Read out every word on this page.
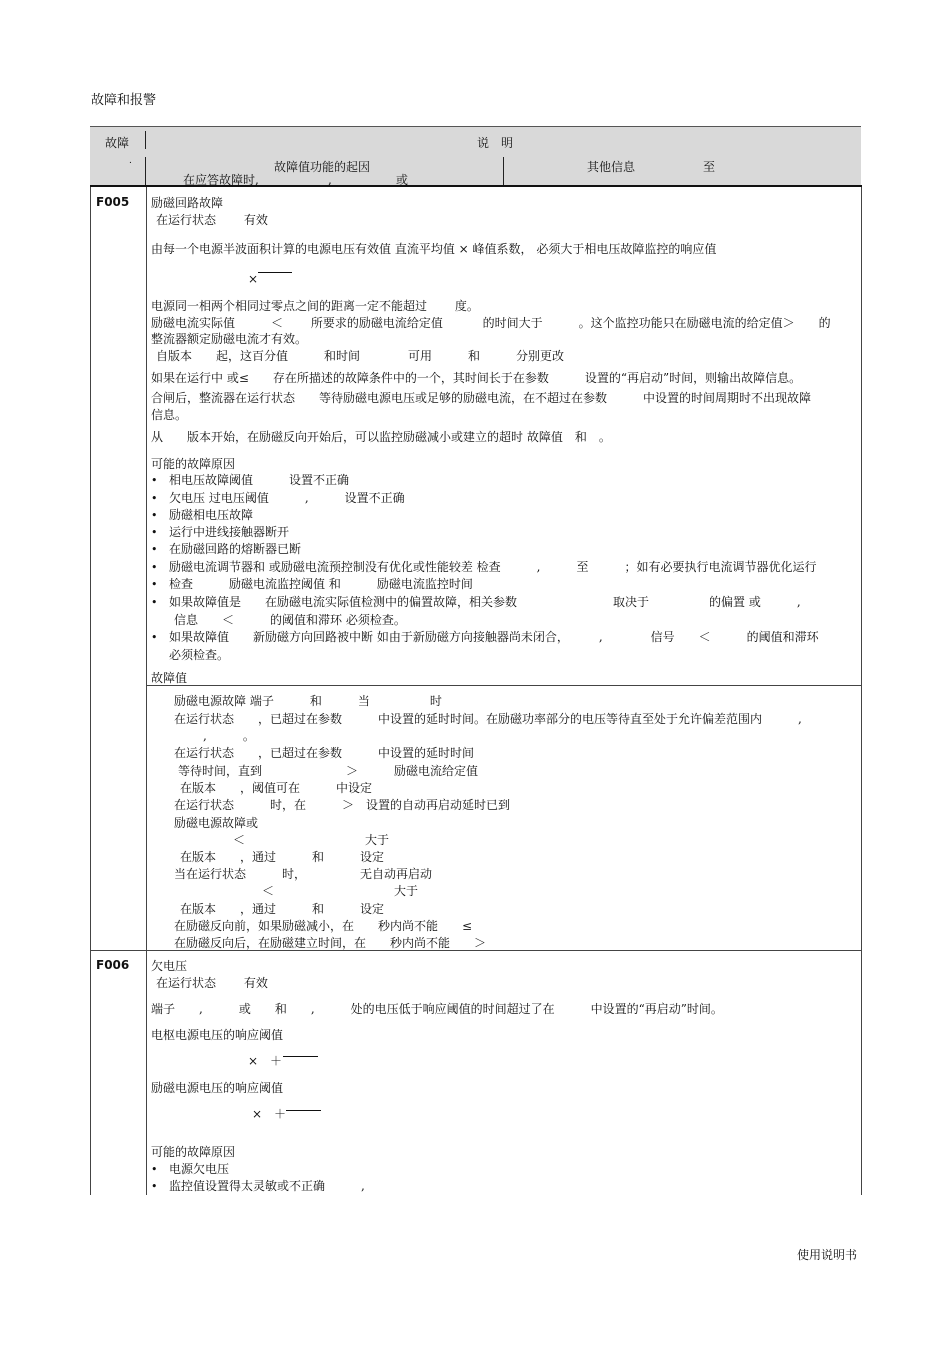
故障和报警
使用说明书
故障
.
说　明
故障值功能的起因	其他信息	至
在应答故障时,	,	或
F005 励磁回路故障
在运行状态　　 有效
由每一个电源半波面积计算的电源电压有效值 直流平均值 × 峰值系数， 必须大于相电压故障监控的响应值
×
电源同一相两个相同过零点之间的距离一定不能超过　　 度。
励磁电流实际值　　　＜　　 所要求的励磁电流给定值　　　 的时间大于　　　。这个监控功能只在励磁电流的给定值＞　　的
整流器额定励磁电流才有效。
自版本　　起，这百分值　　　和时间　　　　可用　　　和　　　分别更改
如果在运行中 或≤　　存在所描述的故障条件中的一个，其时间长于在参数　　　设置的“再启动”时间，则输出故障信息。
合闸后，整流器在运行状态　　等待励磁电源电压或足够的励磁电流，在不超过在参数　　　中设置的时间周期时不出现故障
信息。
从　　版本开始，在励磁反向开始后，可以监控励磁减小或建立的超时 故障值　和　。
可能的故障原因
• 相电压故障阈值　　　设置不正确
• 欠电压 过电压阈值　　　,　　　设置不正确
• 励磁相电压故障
• 运行中进线接触器断开
• 在励磁回路的熔断器已断
• 励磁电流调节器和 或励磁电流预控制没有优化或性能较差 检查　　　,　　　至　　　；如有必要执行电流调节器优化运行
• 检查　　　励磁电流监控阈值 和　　　励磁电流监控时间
• 如果故障值是　　在励磁电流实际值检测中的偏置故障，相关参数　　　　　　　　取决于　　　　　的偏置 或　　　,
信息　　＜　　　的阈值和滞环 必须检查。
• 如果故障值　　新励磁方向回路被中断 如由于新励磁方向接触器尚未闭合，　　　,　　　　信号　　＜　　　的阈值和滞环
必须检查。
故障值
励磁电源故障 端子　　　和　　　当　　　　　时
在运行状态　　，已超过在参数　　　中设置的延时时间。在励磁功率部分的电压等待直至处于允许偏差范围内　　　,
,　　　。
在运行状态　　，已超过在参数　　　中设置的延时时间
等待时间，直到　　　　　　　＞　　　励磁电流给定值
在版本　　，阈值可在　　　中设定
在运行状态　　　时，在　　　＞　设置的自动再启动延时已到
励磁电源故障或
＜　　　　　　　　　　大于
在版本　　，通过　　　和　　　设定
当在运行状态　　　时，　　　　　无自动再启动
＜　　　　　　　　　　大于
在版本　　，通过　　　和　　　设定
在励磁反向前，如果励磁减小，在　　秒内尚不能　　≤
在励磁反向后，在励磁建立时间，在　　秒内尚不能　　＞
F006 欠电压
在运行状态　　 有效
端子　　,　　　或　　和　　,　　　处的电压低于响应阈值的时间超过了在　　　中设置的“再启动”时间。
电枢电源电压的响应阈值
×　＋
励磁电源电压的响应阈值
×　＋
可能的故障原因
• 电源欠电压
• 监控值设置得太灵敏或不正确　　　,
